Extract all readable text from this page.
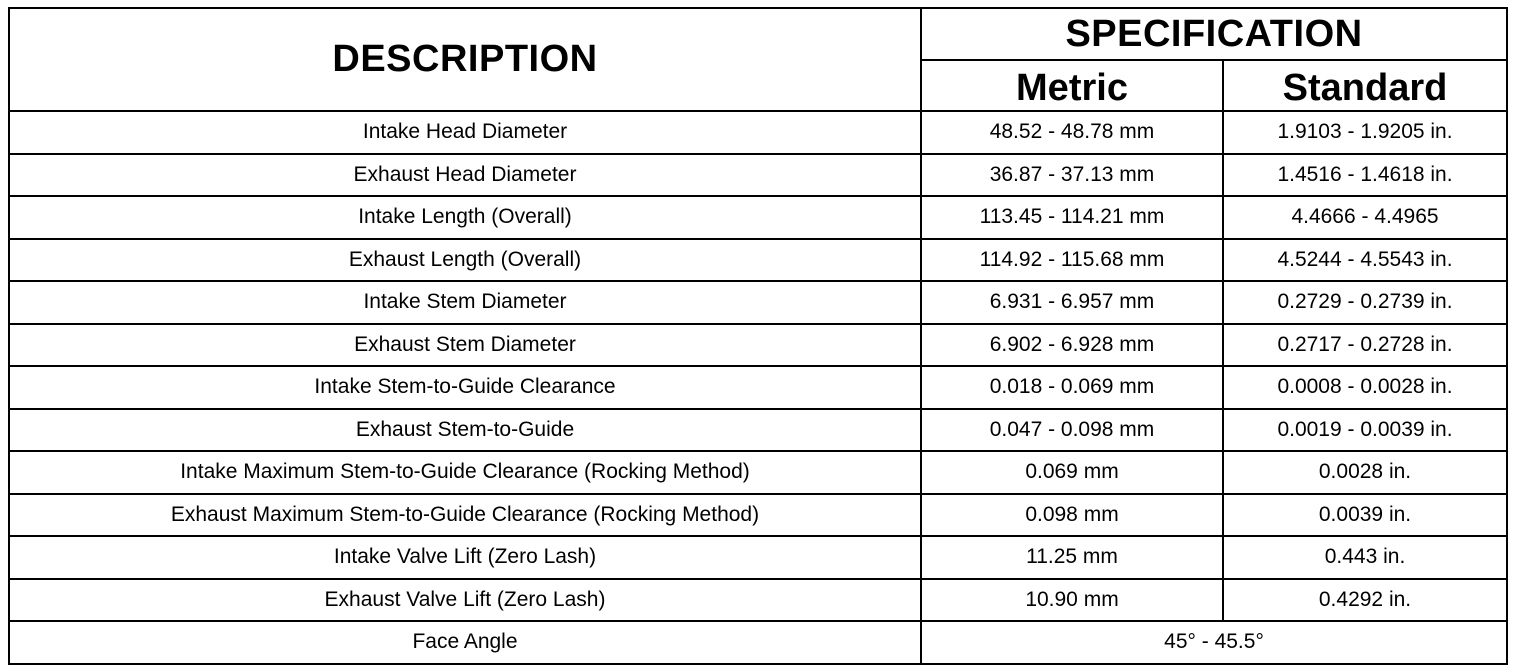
DESCRIPTION	SPECIFICATION	
	Metric	Standard
Intake Head Diameter	48.52 - 48.78 mm	1.9103 - 1.9205 in.
Exhaust Head Diameter	36.87 - 37.13 mm	1.4516 - 1.4618 in.
Intake Length (Overall)	113.45 - 114.21 mm	4.4666 - 4.4965
Exhaust Length (Overall)	114.92 - 115.68 mm	4.5244 - 4.5543 in.
Intake Stem Diameter	6.931 - 6.957 mm	0.2729 - 0.2739 in.
Exhaust Stem Diameter	6.902 - 6.928 mm	0.2717 - 0.2728 in.
Intake Stem-to-Guide Clearance	0.018 - 0.069 mm	0.0008 - 0.0028 in.
Exhaust Stem-to-Guide	0.047 - 0.098 mm	0.0019 - 0.0039 in.
Intake Maximum Stem-to-Guide Clearance (Rocking Method)	0.069 mm	0.0028 in.
Exhaust Maximum Stem-to-Guide Clearance (Rocking Method)	0.098 mm	0.0039 in.
Intake Valve Lift (Zero Lash)	11.25 mm	0.443 in.
Exhaust Valve Lift (Zero Lash)	10.90 mm	0.4292 in.
Face Angle	45° - 45.5°	
